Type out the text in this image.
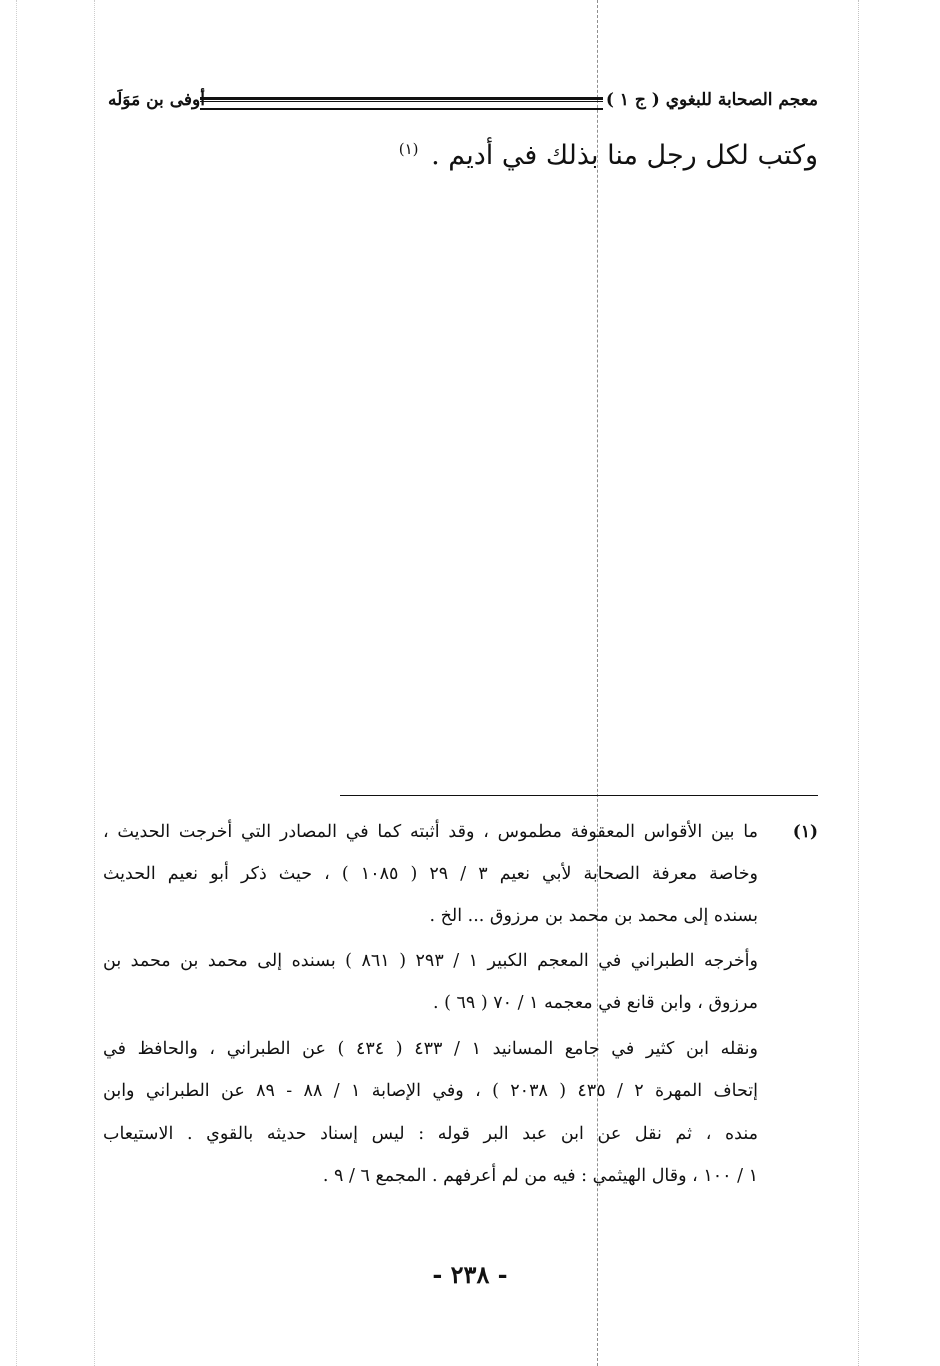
أوفى بن مَوَلَه	معجم الصحابة للبغوي ( ج ١ )
وكتب لكل رجل منا بذلك في أديم . $^{(١)}$
(١)
ما بين الأقواس المعقوفة مطموس ، وقد أثبته كما في المصادر التي أخرجت الحديث ،
وخاصة معرفة الصحابة لأبي نعيم ٣ / ٢٩ ( ١٠٨٥ ) ، حيث ذكر أبو نعيم الحديث
بسنده إلى محمد بن محمد بن مرزوق ... الخ .
وأخرجه الطبراني في المعجم الكبير ١ / ٢٩٣ ( ٨٦١ ) بسنده إلى محمد بن محمد بن
مرزوق ، وابن قانع في معجمه ١ / ٧٠ ( ٦٩ ) .
ونقله ابن كثير في جامع المسانيد ١ / ٤٣٣ ( ٤٣٤ ) عن الطبراني ، والحافظ في
إتحاف المهرة ٢ / ٤٣٥ ( ٢٠٣٨ ) ، وفي الإصابة ١ / ٨٨ - ٨٩ عن الطبراني وابن
منده ، ثم نقل عن ابن عبد البر قوله : ليس إسناد حديثه بالقوي . الاستيعاب
١ / ١٠٠ ، وقال الهيثمي : فيه من لم أعرفهم . المجمع ٦ / ٩ .
- ٢٣٨ -
